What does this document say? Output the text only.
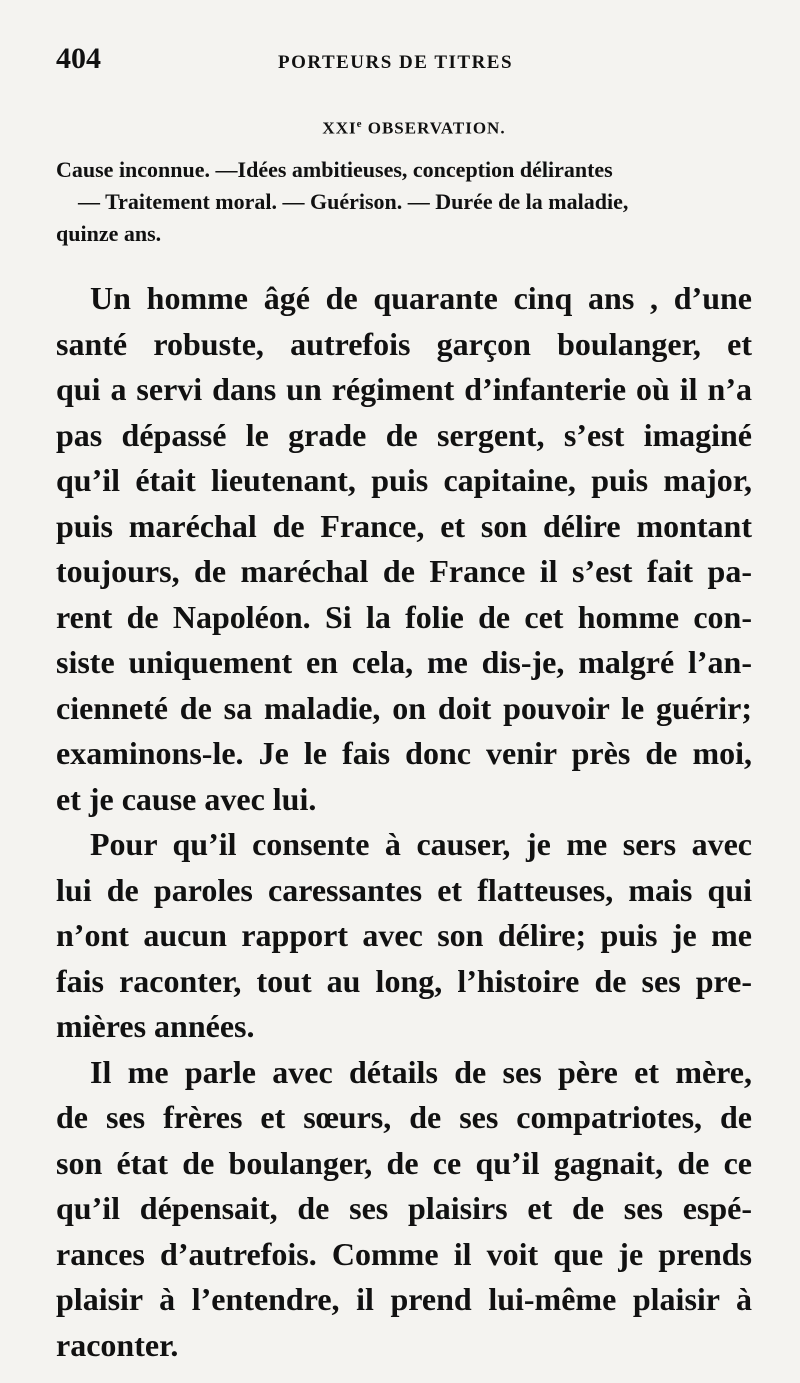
404	PORTEURS DE TITRES
XXIe OBSERVATION.
Cause inconnue. —Idées ambitieuses, conception délirantes
— Traitement moral. — Guérison. — Durée de la maladie,
quinze ans.
Un homme âgé de quarante cinq ans , d’une
santé robuste, autrefois garçon boulanger, et
qui a servi dans un régiment d’infanterie où il n’a
pas dépassé le grade de sergent, s’est imaginé
qu’il était lieutenant, puis capitaine, puis major,
puis maréchal de France, et son délire montant
toujours, de maréchal de France il s’est fait pa-
rent de Napoléon. Si la folie de cet homme con-
siste uniquement en cela, me dis-je, malgré l’an-
cienneté de sa maladie, on doit pouvoir le guérir;
examinons-le. Je le fais donc venir près de moi,
et je cause avec lui.
Pour qu’il consente à causer, je me sers avec
lui de paroles caressantes et flatteuses, mais qui
n’ont aucun rapport avec son délire; puis je me
fais raconter, tout au long, l’histoire de ses pre-
mières années.
Il me parle avec détails de ses père et mère,
de ses frères et sœurs, de ses compatriotes, de
son état de boulanger, de ce qu’il gagnait, de ce
qu’il dépensait, de ses plaisirs et de ses espé-
rances d’autrefois. Comme il voit que je prends
plaisir à l’entendre, il prend lui-même plaisir à
raconter.
